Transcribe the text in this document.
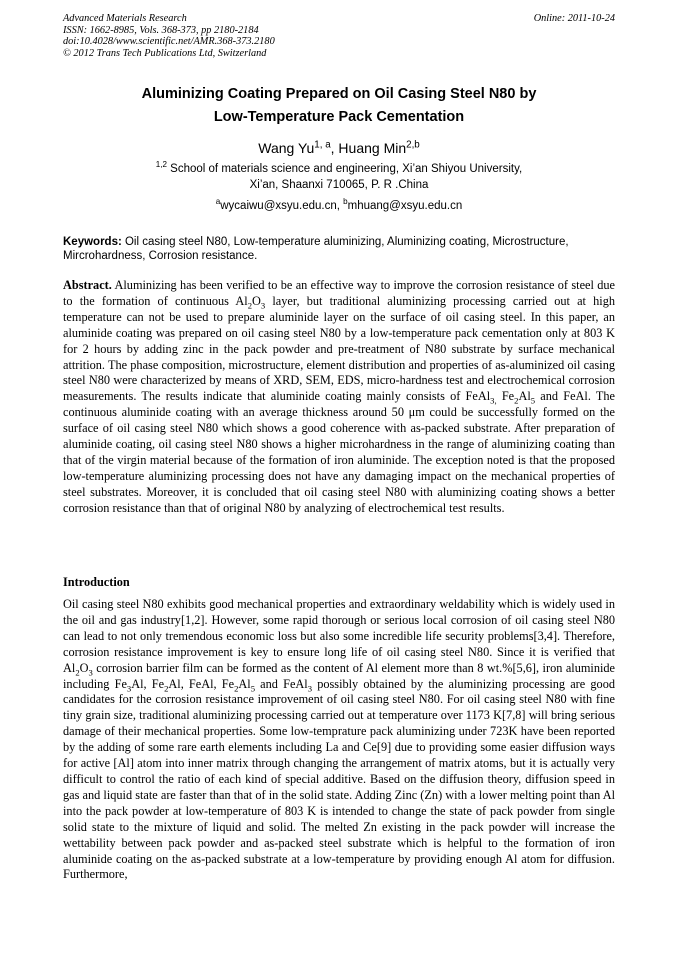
Advanced Materials Research
ISSN: 1662-8985, Vols. 368-373, pp 2180-2184
doi:10.4028/www.scientific.net/AMR.368-373.2180
© 2012 Trans Tech Publications Ltd, Switzerland
Online: 2011-10-24
Aluminizing Coating Prepared on Oil Casing Steel N80 by
Low-Temperature Pack Cementation
Wang Yu$^{1, a}$, Huang Min$^{2,b}$
$^{1,2}$ School of materials science and engineering, Xi’an Shiyou University,
Xi’an, Shaanxi 710065, P. R .China
$^a$wycaiwu@xsyu.edu.cn, $^b$mhuang@xsyu.edu.cn
Keywords: Oil casing steel N80, Low-temperature aluminizing, Aluminizing coating, Microstructure, Mircrohardness, Corrosion resistance.
Abstract. Aluminizing has been verified to be an effective way to improve the corrosion resistance of steel due to the formation of continuous $Al_2O_3$ layer, but traditional aluminizing processing carried out at high temperature can not be used to prepare aluminide layer on the surface of oil casing steel. In this paper, an aluminide coating was prepared on oil casing steel N80 by a low-temperature pack cementation only at 803 K for 2 hours by adding zinc in the pack powder and pre-treatment of N80 substrate by surface mechanical attrition. The phase composition, microstructure, element distribution and properties of as-aluminized oil casing steel N80 were characterized by means of XRD, SEM, EDS, micro-hardness test and electrochemical corrosion measurements. The results indicate that aluminide coating mainly consists of FeAl$_{3,}$ $Fe_2Al_5$ and FeAl. The continuous aluminide coating with an average thickness around 50 μm could be successfully formed on the surface of oil casing steel N80 which shows a good coherence with as-packed substrate. After preparation of aluminide coating, oil casing steel N80 shows a higher microhardness in the range of aluminizing coating than that of the virgin material because of the formation of iron aluminide. The exception noted is that the proposed low-temperature aluminizing processing does not have any damaging impact on the mechanical properties of steel substrates. Moreover, it is concluded that oil casing steel N80 with aluminizing coating shows a better corrosion resistance than that of original N80 by analyzing of electrochemical test results.
Introduction
Oil casing steel N80 exhibits good mechanical properties and extraordinary weldability which is widely used in the oil and gas industry[1,2]. However, some rapid thorough or serious local corrosion of oil casing steel N80 can lead to not only tremendous economic loss but also some incredible life security problems[3,4]. Therefore, corrosion resistance improvement is key to ensure long life of oil casing steel N80. Since it is verified that $Al_2O_3$ corrosion barrier film can be formed as the content of Al element more than 8 wt.%[5,6], iron aluminide including $Fe_3Al$, $Fe_2Al$, FeAl, $Fe_2Al_5$ and FeAl$_3$ possibly obtained by the aluminizing processing are good candidates for the corrosion resistance improvement of oil casing steel N80. For oil casing steel N80 with fine tiny grain size, traditional aluminizing processing carried out at temperature over 1173 K[7,8] will bring serious damage of their mechanical properties. Some low-temprature pack aluminizing under 723K have been reported by the adding of some rare earth elements including La and Ce[9] due to providing some easier diffusion ways for active [Al] atom into inner matrix through changing the arrangement of matrix atoms, but it is actually very difficult to control the ratio of each kind of special additive. Based on the diffusion theory, diffusion speed in gas and liquid state are faster than that of in the solid state. Adding Zinc (Zn) with a lower melting point than Al into the pack powder at low-temperature of 803 K is intended to change the state of pack powder from single solid state to the mixture of liquid and solid. The melted Zn existing in the pack powder will increase the wettability between pack powder and as-packed steel substrate which is helpful to the formation of iron aluminide coating on the as-packed substrate at a low-temperature by providing enough Al atom for diffusion. Furthermore,
